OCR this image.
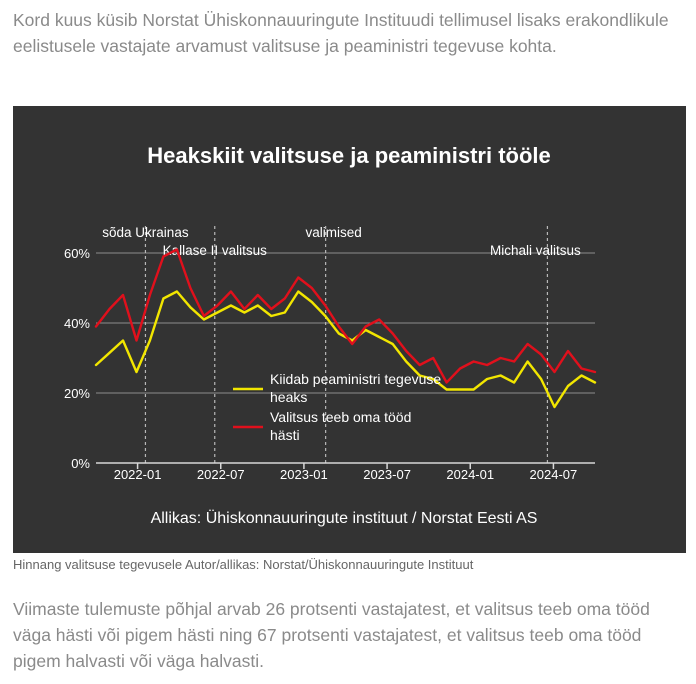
Kord kuus küsib Norstat Ühiskonnauuringute Instituudi tellimusel lisaks erakondlikule eelistusele vastajate arvamust valitsuse ja peaministri tegevuse kohta.

Heakskiit valitsuse ja peaministri tööle
sõda Ukrainas
Kallase II valitsus
valimised
Michali valitsus
0%
20%
40%
60%
2022-01	2022-07	2023-01	2023-07	2024-01	2024-07
Kiidab peaministri tegevuse heaks
Valitsus teeb oma tööd hästi
Allikas: Ühiskonnauuringute instituut / Norstat Eesti AS

Hinnang valitsuse tegevusele Autor/allikas: Norstat/Ühiskonnauuringute Instituut

Viimaste tulemuste põhjal arvab 26 protsenti vastajatest, et valitsus teeb oma tööd väga hästi või pigem hästi ning 67 protsenti vastajatest, et valitsus teeb oma tööd pigem halvasti või väga halvasti.
